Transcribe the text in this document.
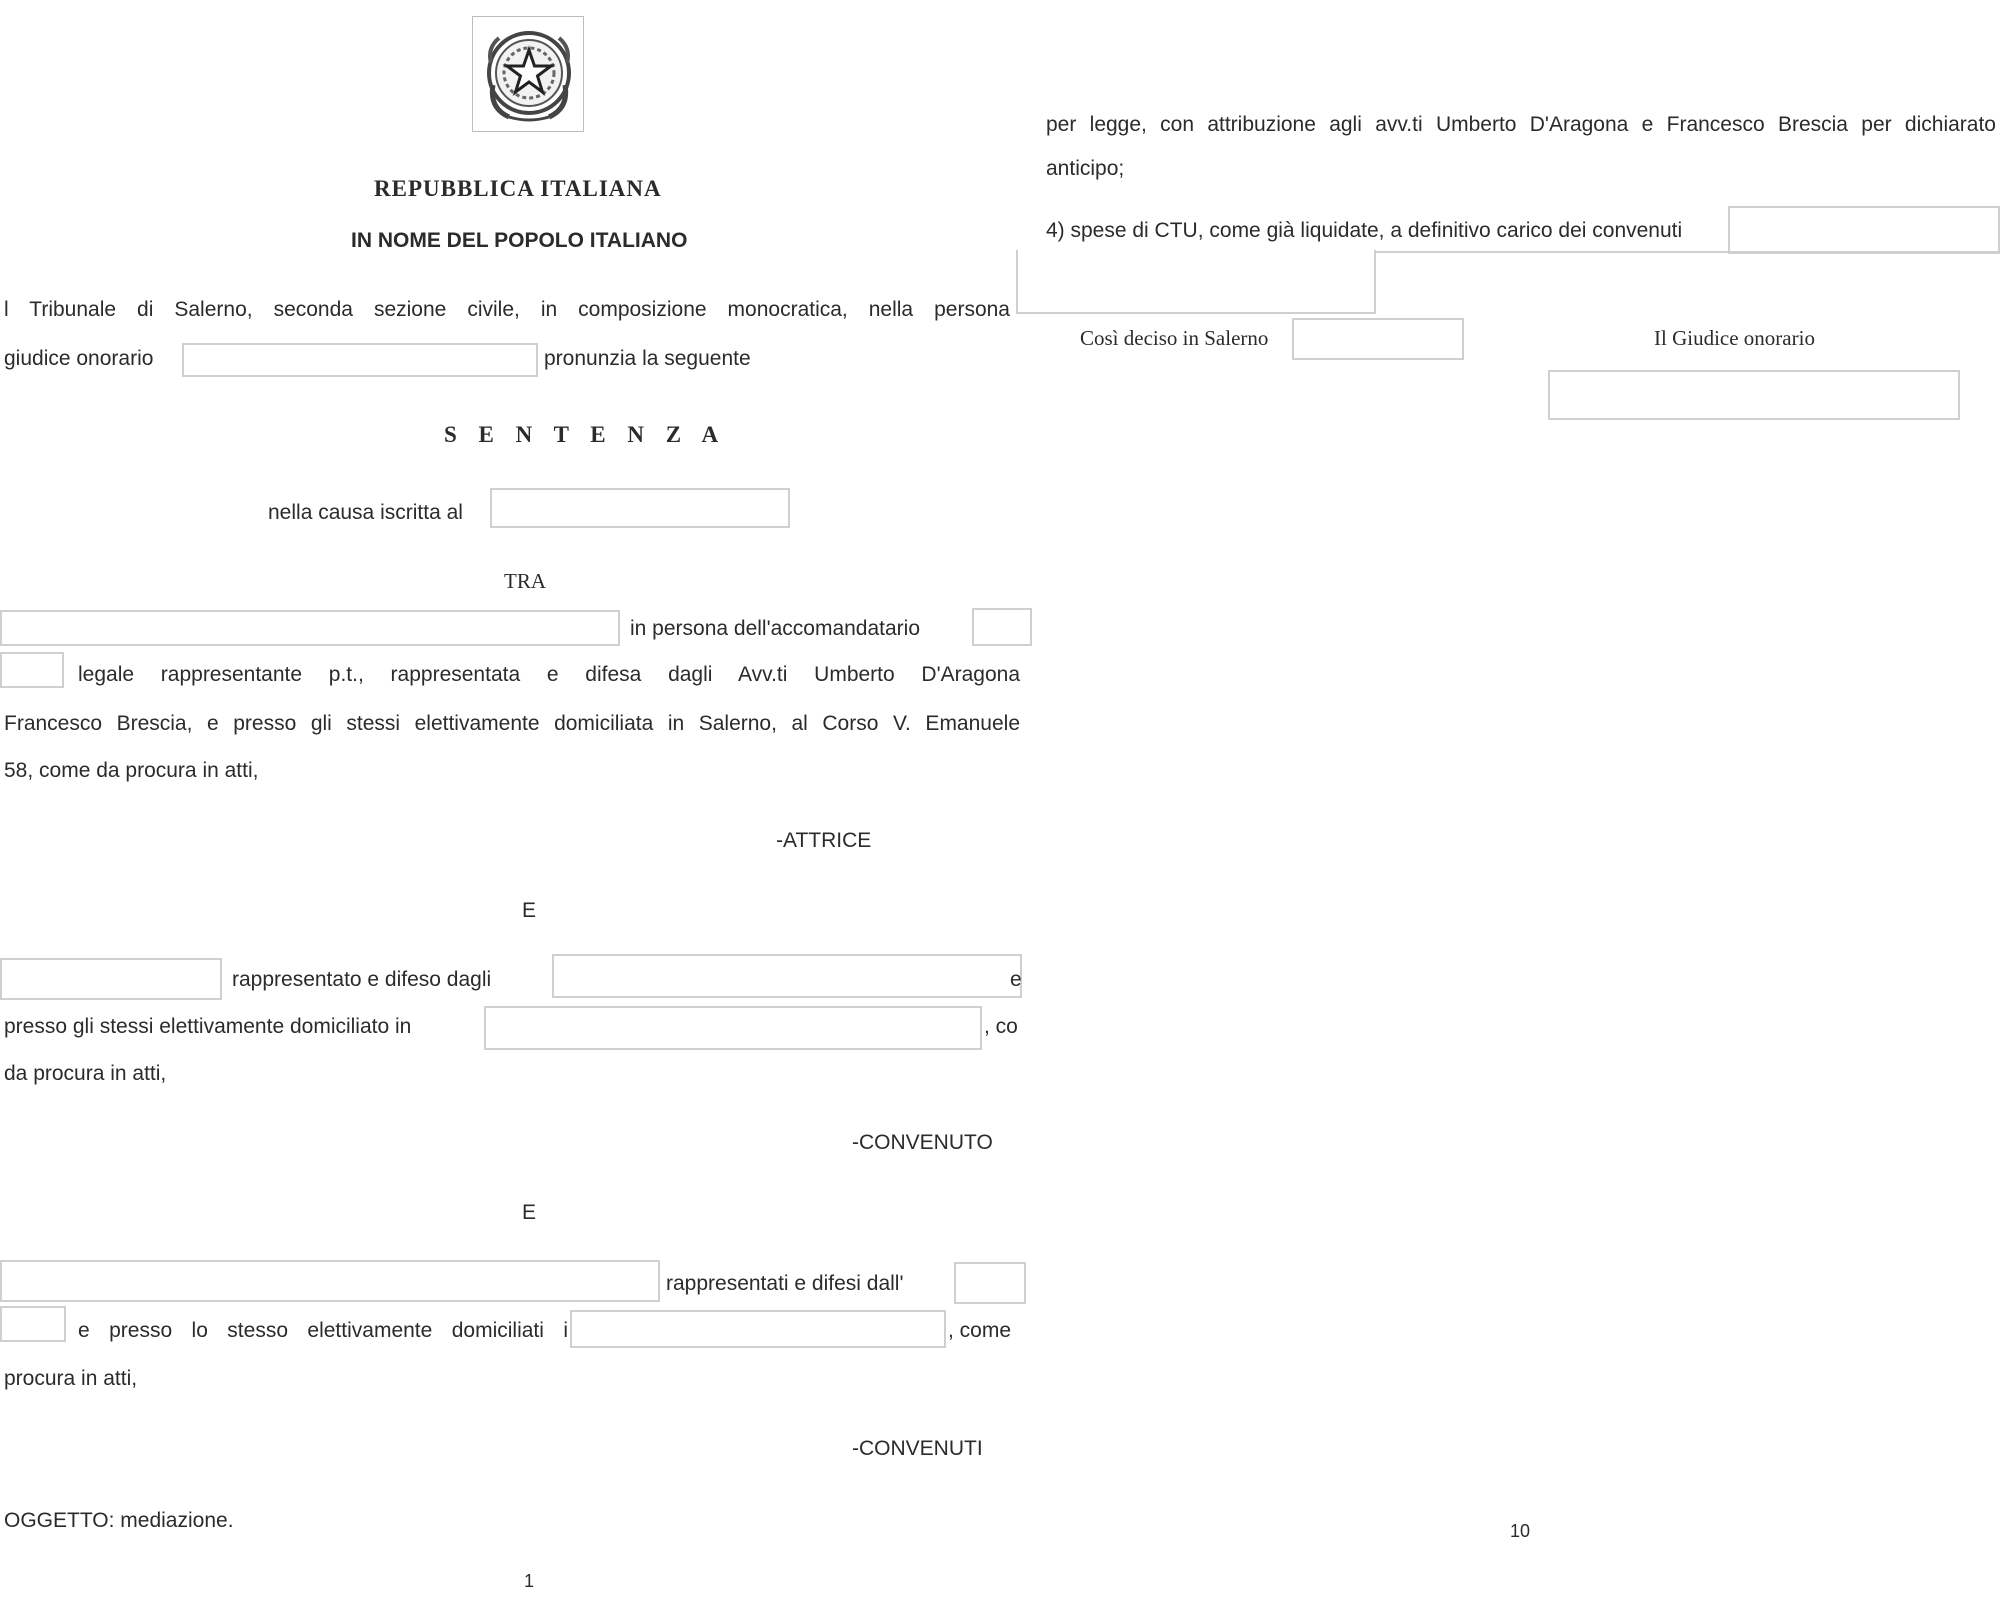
REPUBBLICA ITALIANA
IN NOME DEL POPOLO ITALIANO
l Tribunale di Salerno, seconda sezione civile, in composizione monocratica, nella persona
giudice onorario	pronunzia la seguente
S E N T E N Z A
nella causa iscritta al
TRA
in persona dell'accomandatario
legale rappresentante p.t., rappresentata e difesa dagli Avv.ti Umberto D'Aragona
Francesco Brescia, e presso gli stessi elettivamente domiciliata in Salerno, al Corso V. Emanuele
58, come da procura in atti,
-ATTRICE
E
rappresentato e difeso dagli	e
presso gli stessi elettivamente domiciliato in	, co
da procura in atti,
-CONVENUTO
E
rappresentati e difesi dall'
e presso lo stesso elettivamente domiciliati i	, come
procura in atti,
-CONVENUTI
OGGETTO: mediazione.
1
per legge, con attribuzione agli avv.ti Umberto D'Aragona e Francesco Brescia per dichiarato
anticipo;
4) spese di CTU, come già liquidate, a definitivo carico dei convenuti
Così deciso in Salerno	Il Giudice onorario
10
